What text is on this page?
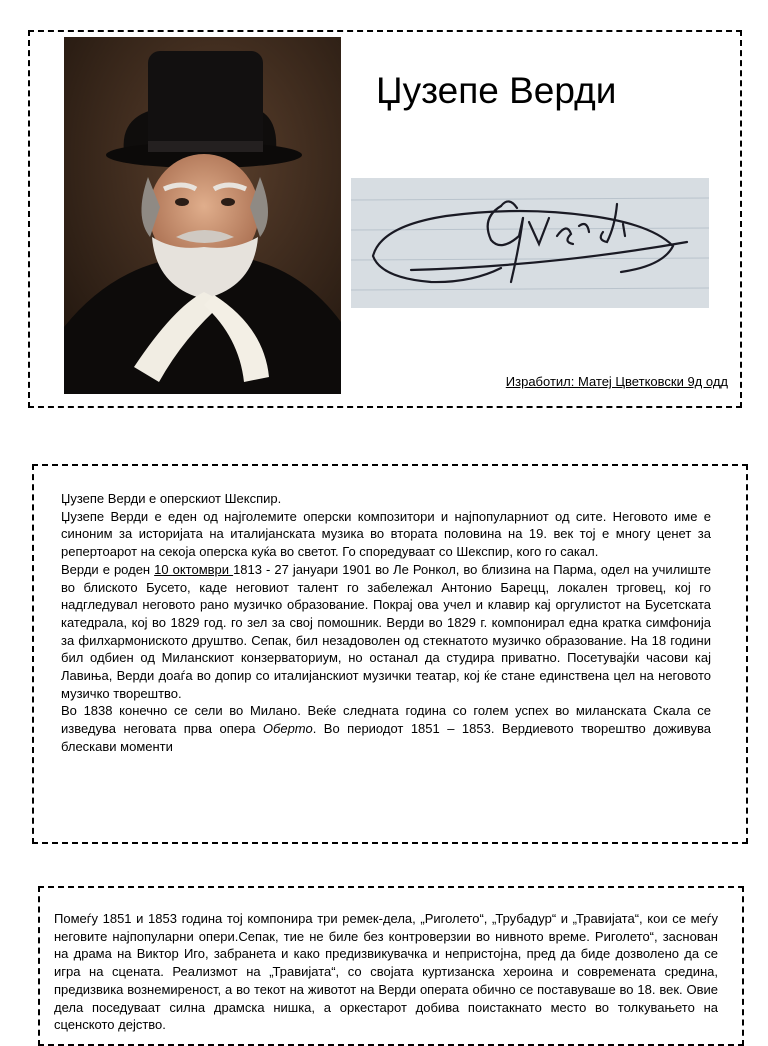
Џузепе Верди
Изработил: Матеј Цветковски 9д одд

Џузепе Верди е оперскиот Шекспир.

Џузепе Верди е еден од најголемите оперски композитори и најпопуларниот од сите. Неговото име е синоним за историјата на италијанската музика во втората половина на 19. век тој е многу ценет за репертоарот на секоја оперска куќа во светот. Го споредуваат со Шекспир, кого го сакал.

Верди е роден 10 октомври 1813 - 27 јануари 1901 во Ле Ронкол, во близина на Парма, одел на училиште во блиското Бусето, каде неговиот талент го забележал Антонио Барецц, локален трговец, кој го надгледувал неговото рано музичко образование. Покрај ова учел и клавир кај оргулистот на Бусетската катедрала, кој во 1829 год. го зел за свој помошник. Верди во 1829 г. компонирал една кратка симфонија за филхармониското друштво. Сепак, бил незадоволен од стекнатото музичко образование. На 18 години бил одбиен од Миланскиот конзерваториум, но останал да студира приватно. Посетувајќи часови кај Лавиња, Верди доаѓа во допир со италијанскиот музички театар, кој ќе стане единствена цел на неговото музичко творештво.

Во 1838 конечно се сели во Милано. Веќе следната година со голем успех во миланската Скала се изведува неговата прва опера Оберто. Во периодот 1851 – 1853. Вердиевото творештво доживува блескави моменти

Помеѓу 1851 и 1853 година тој компонира три ремек-дела, „Риголето“, „Трубадур“ и „Травијата“, кои се меѓу неговите најпопуларни опери.Сепак, тие не биле без контроверзии во нивното време. Риголето“, заснован на драма на Виктор Иго, забранета и како предизвикувачка и непристојна, пред да биде дозволено да се игра на сцената. Реализмот на „Травијата“, со својата куртизанска хероина и современата средина, предизвика вознемиреност, а во текот на животот на Верди операта обично се поставуваше во 18. век. Овие дела поседуваат силна драмска нишка, а оркестарот добива поистакнато место во толкувањето на сценското дејство.
